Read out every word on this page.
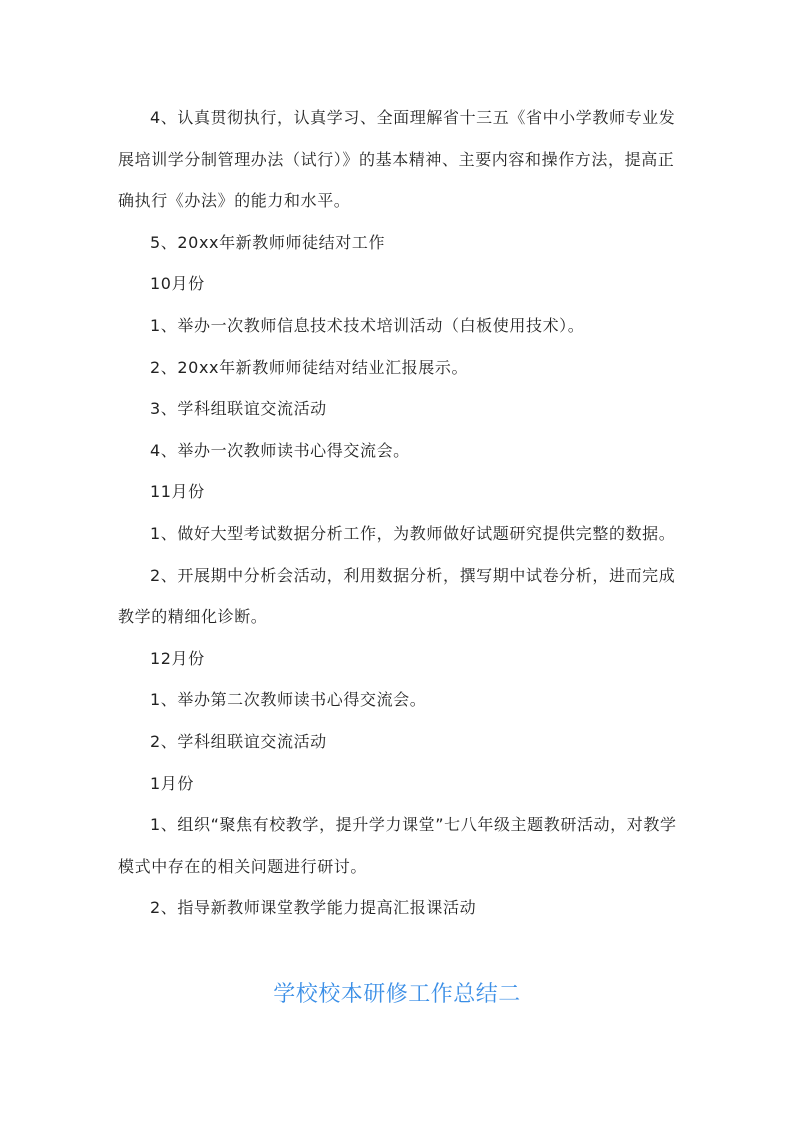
4、认真贯彻执行，认真学习、全面理解省十三五《省中小学教师专业发展培训学分制管理办法（试行）》的基本精神、主要内容和操作方法，提高正确执行《办法》的能力和水平。

5、20xx年新教师师徒结对工作

10月份

1、举办一次教师信息技术技术培训活动（白板使用技术）。

2、20xx年新教师师徒结对结业汇报展示。

3、学科组联谊交流活动

4、举办一次教师读书心得交流会。

11月份

1、做好大型考试数据分析工作，为教师做好试题研究提供完整的数据。

2、开展期中分析会活动，利用数据分析，撰写期中试卷分析，进而完成教学的精细化诊断。

12月份

1、举办第二次教师读书心得交流会。

2、学科组联谊交流活动

1月份

1、组织“聚焦有校教学，提升学力课堂”七八年级主题教研活动，对教学模式中存在的相关问题进行研讨。

2、指导新教师课堂教学能力提高汇报课活动

学校校本研修工作总结二
